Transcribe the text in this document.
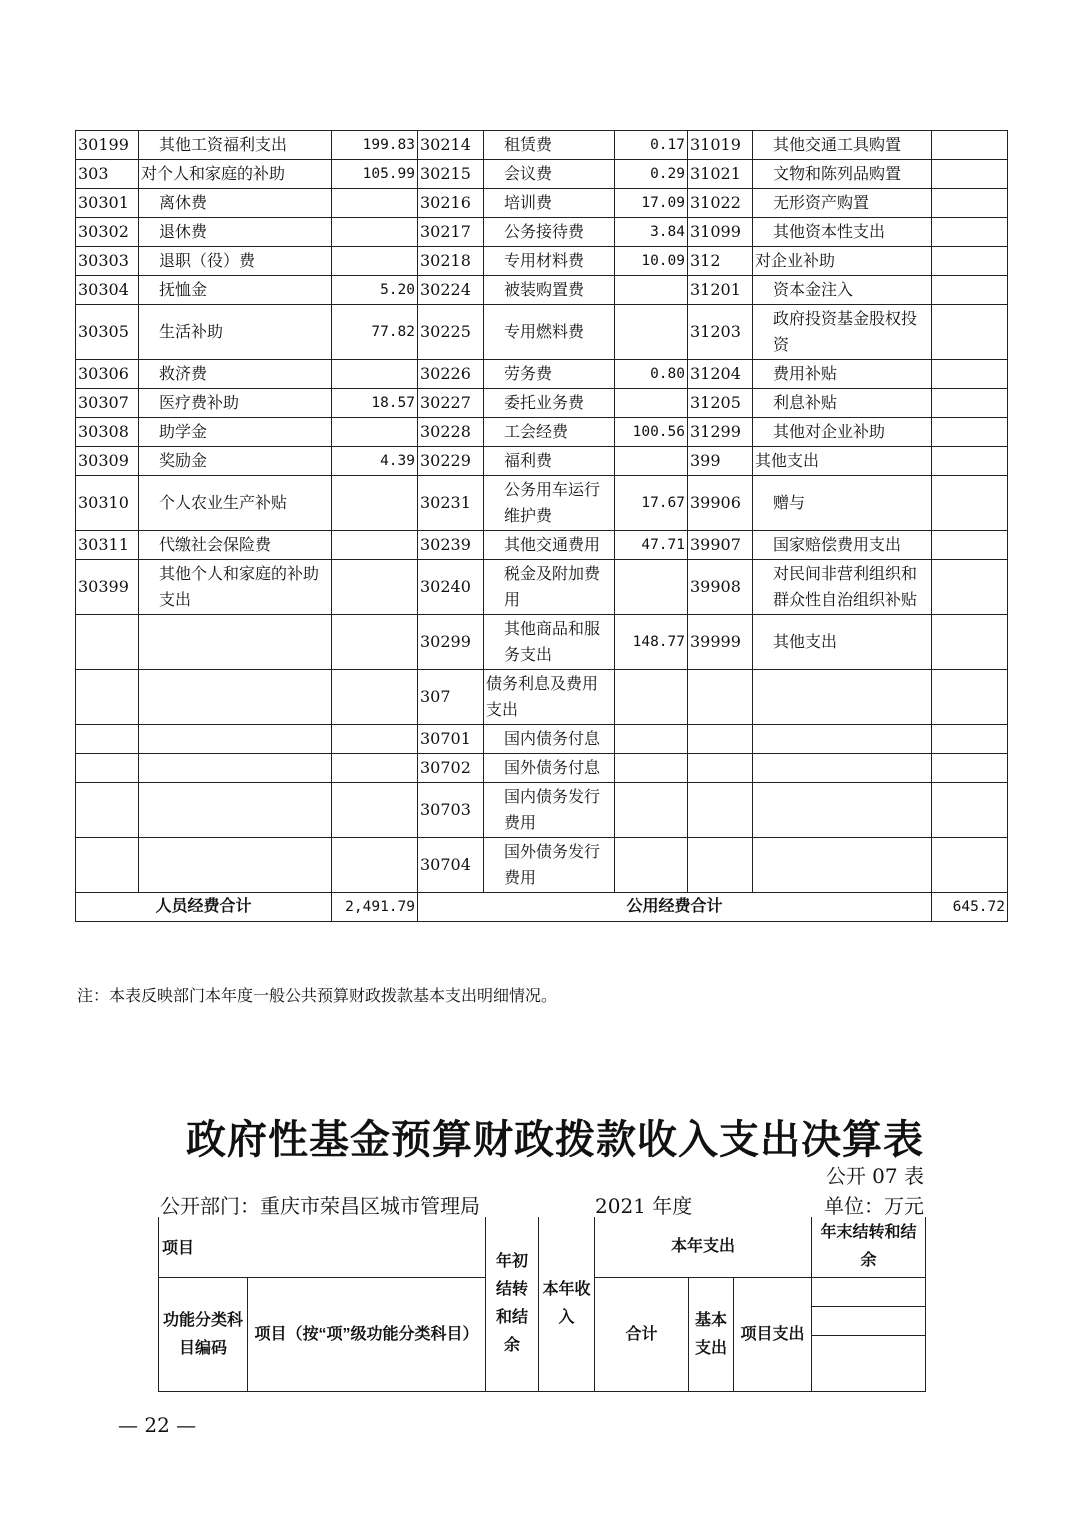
30199	其他工资福利支出	199.83	30214	租赁费	0.17	31019	其他交通工具购置	
303	对个人和家庭的补助	105.99	30215	会议费	0.29	31021	文物和陈列品购置	
30301	离休费		30216	培训费	17.09	31022	无形资产购置	
30302	退休费		30217	公务接待费	3.84	31099	其他资本性支出	
30303	退职（役）费		30218	专用材料费	10.09	312	对企业补助	
30304	抚恤金	5.20	30224	被装购置费		31201	资本金注入	
30305	生活补助	77.82	30225	专用燃料费		31203	政府投资基金股权投资	
30306	救济费		30226	劳务费	0.80	31204	费用补贴	
30307	医疗费补助	18.57	30227	委托业务费		31205	利息补贴	
30308	助学金		30228	工会经费	100.56	31299	其他对企业补助	
30309	奖励金	4.39	30229	福利费		399	其他支出	
30310	个人农业生产补贴		30231	公务用车运行维护费	17.67	39906	赠与	
30311	代缴社会保险费		30239	其他交通费用	47.71	39907	国家赔偿费用支出	
30399	其他个人和家庭的补助支出		30240	税金及附加费用		39908	对民间非营利组织和群众性自治组织补贴	
			30299	其他商品和服务支出	148.77	39999	其他支出	
			307	债务利息及费用支出				
			30701	国内债务付息				
			30702	国外债务付息				
			30703	国内债务发行费用				
			30704	国外债务发行费用				
人员经费合计		2,491.79	公用经费合计					645.72
注：本表反映部门本年度一般公共预算财政拨款基本支出明细情况。
政府性基金预算财政拨款收入支出决算表
公开 07 表
公开部门：重庆市荣昌区城市管理局	2021 年度	单位：万元
项目		年初结转和结余	本年收入	本年支出			年末结转和结余
功能分类科目编码	项目（按“项”级功能分类科目）			合计	基本支出	项目支出	

— 22 —
